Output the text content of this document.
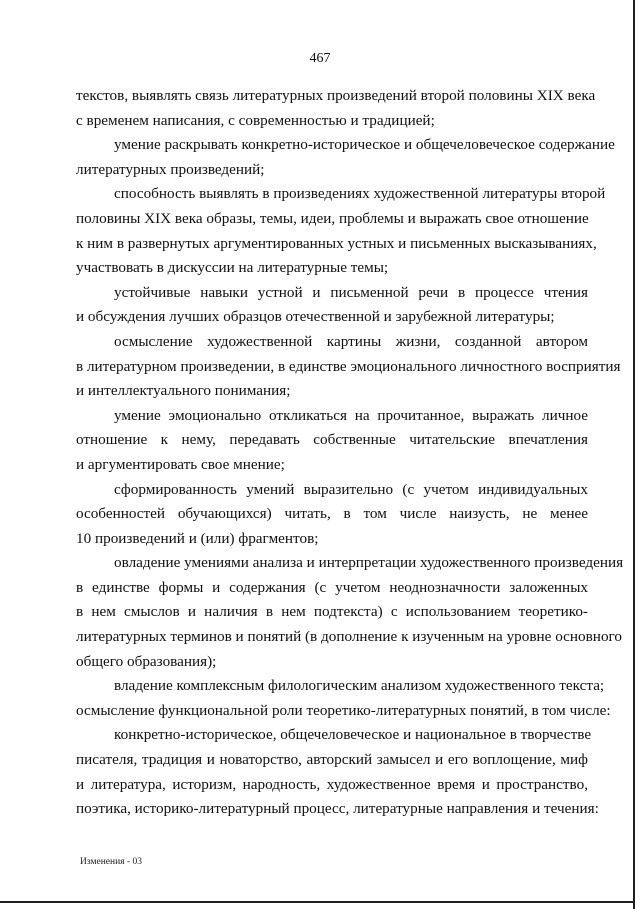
467
текстов, выявлять связь литературных произведений второй половины XIX века
с временем написания, с современностью и традицией;
умение раскрывать конкретно-историческое и общечеловеческое содержание
литературных произведений;
способность выявлять в произведениях художественной литературы второй
половины XIX века образы, темы, идеи, проблемы и выражать свое отношение
к ним в развернутых аргументированных устных и письменных высказываниях,
участвовать в дискуссии на литературные темы;
устойчивые навыки устной и письменной речи в процессе чтения
и обсуждения лучших образцов отечественной и зарубежной литературы;
осмысление художественной картины жизни, созданной автором
в литературном произведении, в единстве эмоционального личностного восприятия
и интеллектуального понимания;
умение эмоционально откликаться на прочитанное, выражать личное
отношение к нему, передавать собственные читательские впечатления
и аргументировать свое мнение;
сформированность умений выразительно (с учетом индивидуальных
особенностей обучающихся) читать, в том числе наизусть, не менее
10 произведений и (или) фрагментов;
овладение умениями анализа и интерпретации художественного произведения
в единстве формы и содержания (с учетом неоднозначности заложенных
в нем смыслов и наличия в нем подтекста) с использованием теоретико-
литературных терминов и понятий (в дополнение к изученным на уровне основного
общего образования);
владение комплексным филологическим анализом художественного текста;
осмысление функциональной роли теоретико-литературных понятий, в том числе:
конкретно-историческое, общечеловеческое и национальное в творчестве
писателя, традиция и новаторство, авторский замысел и его воплощение, миф
и литература, историзм, народность, художественное время и пространство,
поэтика, историко-литературный процесс, литературные направления и течения:
Изменения - 03
